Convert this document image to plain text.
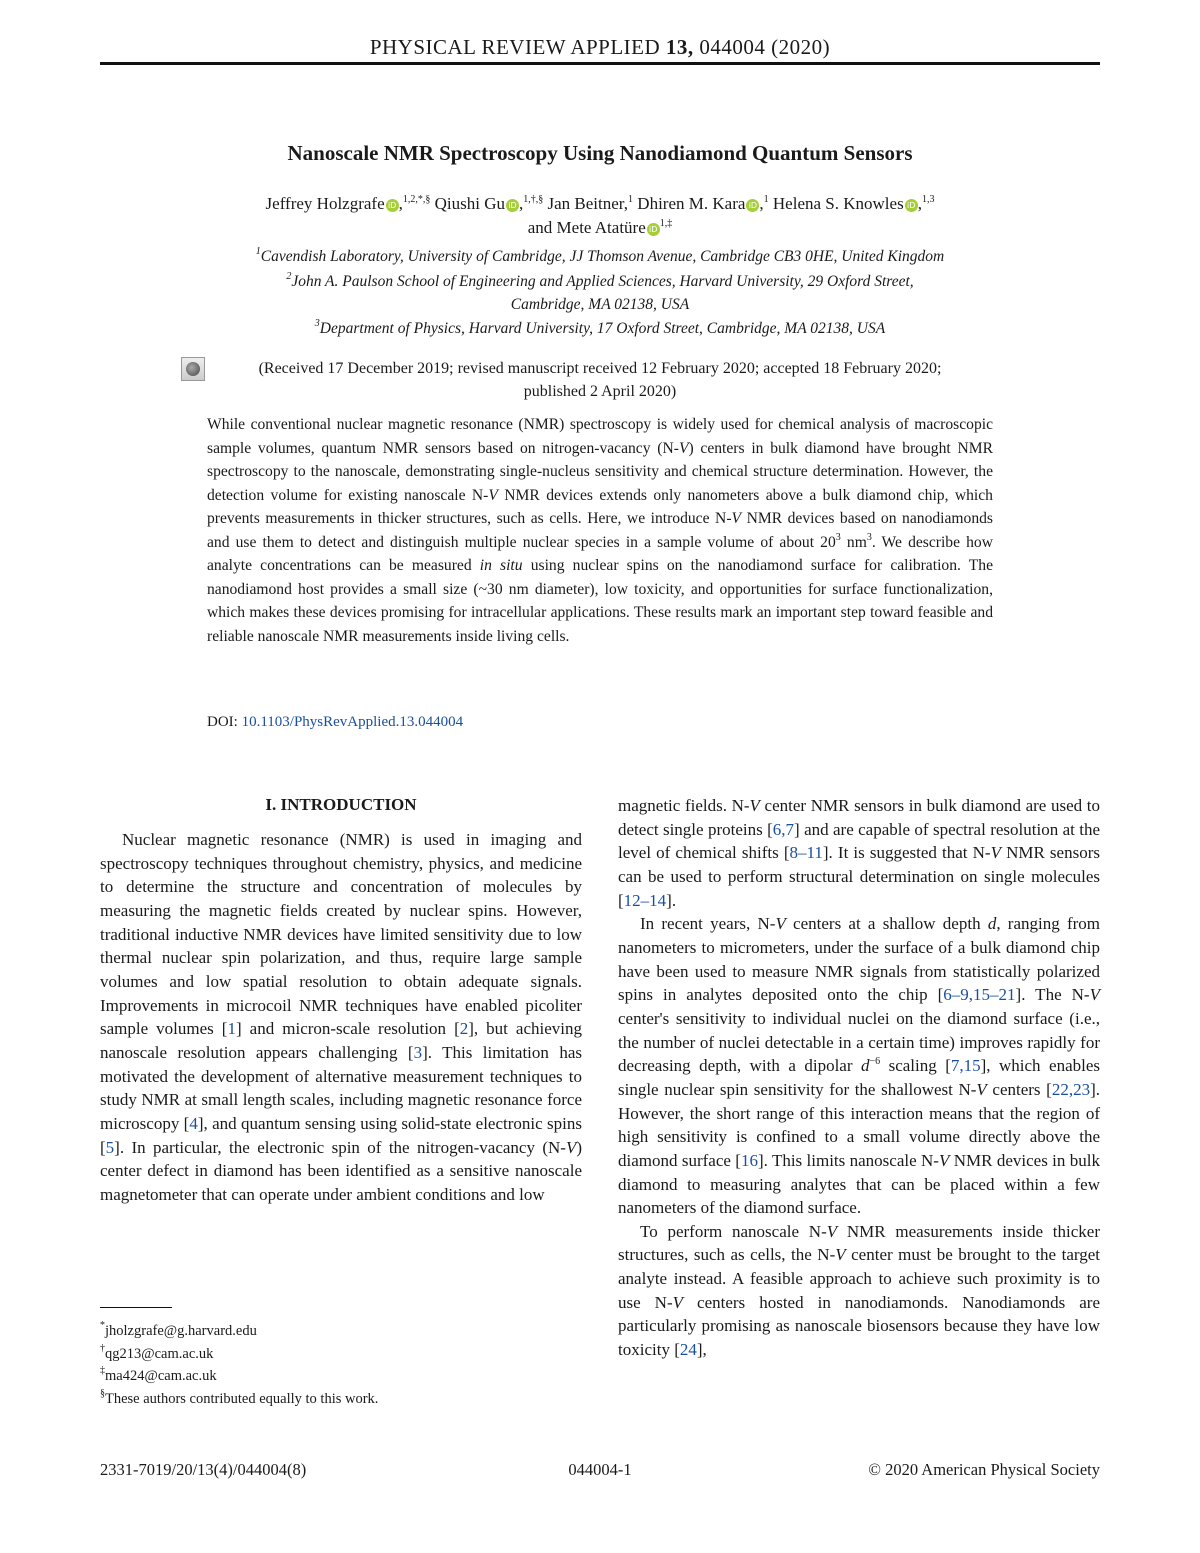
PHYSICAL REVIEW APPLIED 13, 044004 (2020)
Nanoscale NMR Spectroscopy Using Nanodiamond Quantum Sensors
Jeffrey Holzgrafe iD ,$^{1,2,*,\S}$ Qiushi Gu iD ,$^{1,\dagger,\S}$ Jan Beitner,$^1$ Dhiren M. Kara iD ,$^1$ Helena S. Knowles iD ,$^{1,3}$
and Mete Atatüre $iD^{1,\ddagger}$
$^1$Cavendish Laboratory, University of Cambridge, JJ Thomson Avenue, Cambridge CB3 0HE, United Kingdom
$^2$John A. Paulson School of Engineering and Applied Sciences, Harvard University, 29 Oxford Street,
Cambridge, MA 02138, USA
$^3$Department of Physics, Harvard University, 17 Oxford Street, Cambridge, MA 02138, USA
(Received 17 December 2019; revised manuscript received 12 February 2020; accepted 18 February 2020;
published 2 April 2020)
While conventional nuclear magnetic resonance (NMR) spectroscopy is widely used for chemical analysis of macroscopic sample volumes, quantum NMR sensors based on nitrogen-vacancy (N-V) centers in bulk diamond have brought NMR spectroscopy to the nanoscale, demonstrating single-nucleus sensitivity and chemical structure determination. However, the detection volume for existing nanoscale N-V NMR devices extends only nanometers above a bulk diamond chip, which prevents measurements in thicker structures, such as cells. Here, we introduce N-V NMR devices based on nanodiamonds and use them to detect and distinguish multiple nuclear species in a sample volume of about $20^3$ $nm^3$. We describe how analyte concentrations can be measured in situ using nuclear spins on the nanodiamond surface for calibration. The nanodiamond host provides a small size (~30 nm diameter), low toxicity, and opportunities for surface functionalization, which makes these devices promising for intracellular applications. These results mark an important step toward feasible and reliable nanoscale NMR measurements inside living cells.
DOI: 10.1103/PhysRevApplied.13.044004
I. INTRODUCTION

Nuclear magnetic resonance (NMR) is used in imaging and spectroscopy techniques throughout chemistry, physics, and medicine to determine the structure and concentration of molecules by measuring the magnetic fields created by nuclear spins. However, traditional inductive NMR devices have limited sensitivity due to low thermal nuclear spin polarization, and thus, require large sample volumes and low spatial resolution to obtain adequate signals. Improvements in microcoil NMR techniques have enabled picoliter sample volumes [1] and micron-scale resolution [2], but achieving nanoscale resolution appears challenging [3]. This limitation has motivated the development of alternative measurement techniques to study NMR at small length scales, including magnetic resonance force microscopy [4], and quantum sensing using solid-state electronic spins [5]. In particular, the electronic spin of the nitrogen-vacancy (N-V) center defect in diamond has been identified as a sensitive nanoscale magnetometer that can operate under ambient conditions and low

magnetic fields. N-V center NMR sensors in bulk diamond are used to detect single proteins [6,7] and are capable of spectral resolution at the level of chemical shifts [8–11]. It is suggested that N-V NMR sensors can be used to perform structural determination on single molecules [12–14].

In recent years, N-V centers at a shallow depth d, ranging from nanometers to micrometers, under the surface of a bulk diamond chip have been used to measure NMR signals from statistically polarized spins in analytes deposited onto the chip [6–9,15–21]. The N-V center's sensitivity to individual nuclei on the diamond surface (i.e., the number of nuclei detectable in a certain time) improves rapidly for decreasing depth, with a dipolar $d^{-6}$ scaling [7,15], which enables single nuclear spin sensitivity for the shallowest N-V centers [22,23]. However, the short range of this interaction means that the region of high sensitivity is confined to a small volume directly above the diamond surface [16]. This limits nanoscale N-V NMR devices in bulk diamond to measuring analytes that can be placed within a few nanometers of the diamond surface.

To perform nanoscale N-V NMR measurements inside thicker structures, such as cells, the N-V center must be brought to the target analyte instead. A feasible approach to achieve such proximity is to use N-V centers hosted in nanodiamonds. Nanodiamonds are particularly promising as nanoscale biosensors because they have low toxicity [24],

*jholzgrafe@g.harvard.edu
†qg213@cam.ac.uk
‡ma424@cam.ac.uk
§These authors contributed equally to this work.
2331-7019/20/13(4)/044004(8)	044004-1	© 2020 American Physical Society
